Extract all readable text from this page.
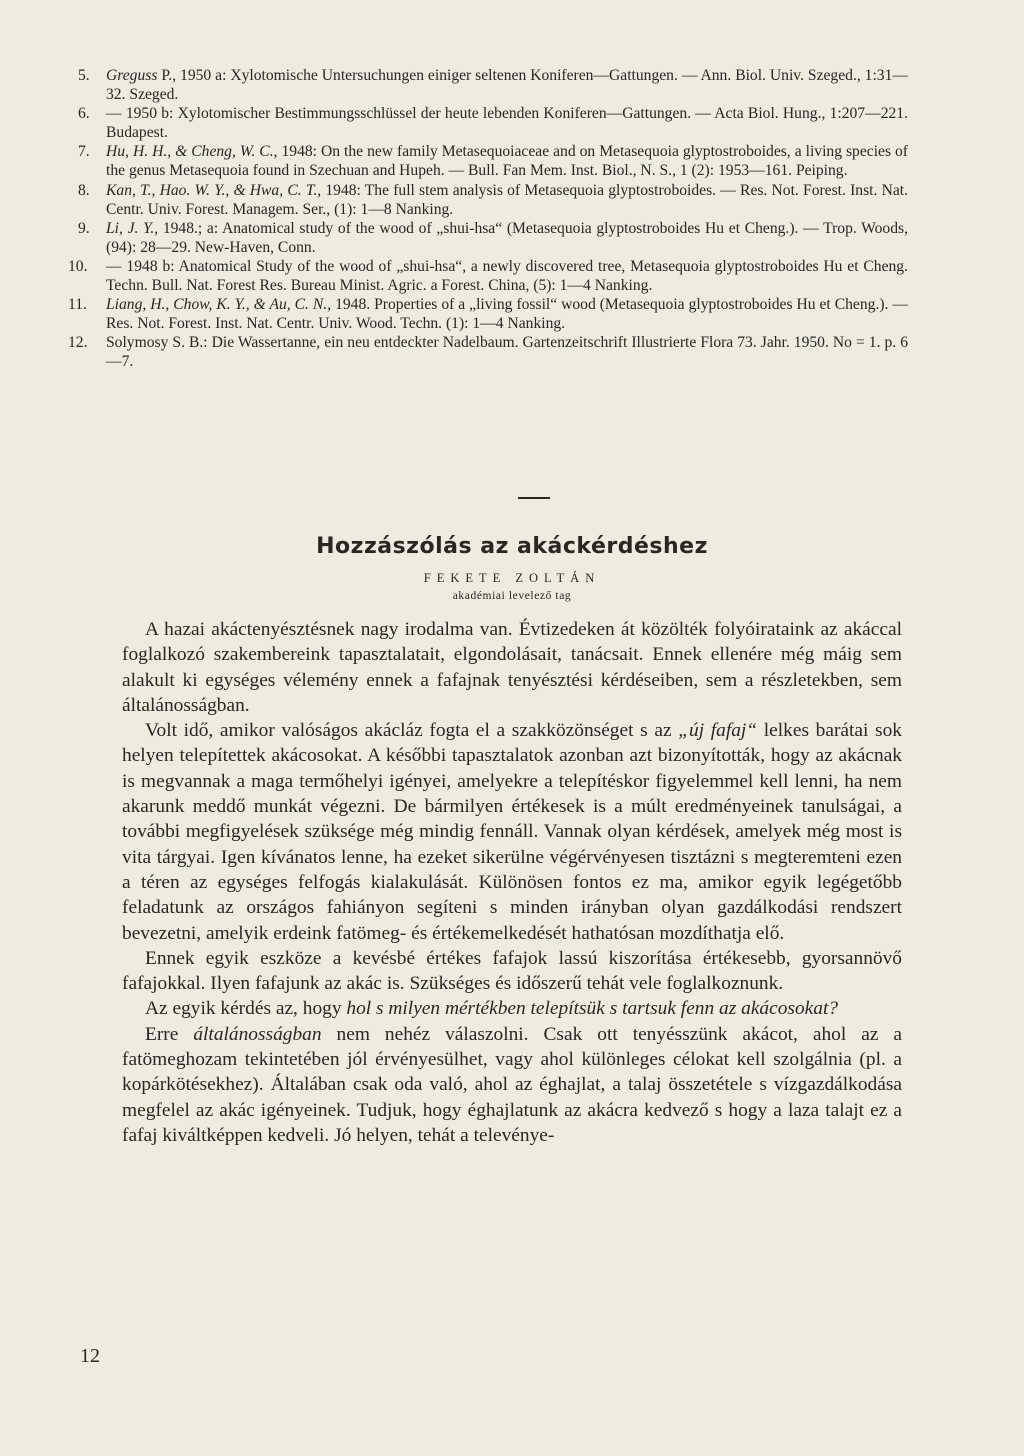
5. Greguss P., 1950 a: Xylotomische Untersuchungen einiger seltenen Koniferen—Gattungen. — Ann. Biol. Univ. Szeged., 1:31—32. Szeged.

6. — 1950 b: Xylotomischer Bestimmungsschlüssel der heute lebenden Koniferen—Gattungen. — Acta Biol. Hung., 1:207—221. Budapest.

7. Hu, H. H., & Cheng, W. C., 1948: On the new family Metasequoiaceae and on Metasequoia glyptostroboides, a living species of the genus Metasequoia found in Szechuan and Hupeh. — Bull. Fan Mem. Inst. Biol., N. S., 1 (2): 1953—161. Peiping.

8. Kan, T., Hao. W. Y., & Hwa, C. T., 1948: The full stem analysis of Metasequoia glyptostroboides. — Res. Not. Forest. Inst. Nat. Centr. Univ. Forest. Managem. Ser., (1): 1—8 Nanking.

9. Li, J. Y., 1948.; a: Anatomical study of the wood of „shui-hsa“ (Metasequoia glyptostroboides Hu et Cheng.). — Trop. Woods, (94): 28—29. New-Haven, Conn.

10. — 1948 b: Anatomical Study of the wood of „shui-hsa“, a newly discovered tree, Metasequoia glyptostroboides Hu et Cheng. Techn. Bull. Nat. Forest Res. Bureau Minist. Agric. a Forest. China, (5): 1—4 Nanking.

11. Liang, H., Chow, K. Y., & Au, C. N., 1948. Properties of a „living fossil“ wood (Metasequoia glyptostroboides Hu et Cheng.). — Res. Not. Forest. Inst. Nat. Centr. Univ. Wood. Techn. (1): 1—4 Nanking.

12. Solymosy S. B.: Die Wassertanne, ein neu entdeckter Nadelbaum. Gartenzeitschrift Illustrierte Flora 73. Jahr. 1950. No = 1. p. 6—7.

Hozzászólás az akáckérdéshez

FEKETE ZOLTÁN

akadémiai levelező tag

A hazai akáctenyésztésnek nagy irodalma van. Évtizedeken át közölték folyóirataink az akáccal foglalkozó szakembereink tapasztalatait, elgondolásait, tanácsait. Ennek ellenére még máig sem alakult ki egységes vélemény ennek a fafajnak tenyésztési kérdéseiben, sem a részletekben, sem általánosságban.

Volt idő, amikor valóságos akácláz fogta el a szakközönséget s az „új fafaj“ lelkes barátai sok helyen telepítettek akácosokat. A későbbi tapasztalatok azonban azt bizonyították, hogy az akácnak is megvannak a maga termőhelyi igényei, amelyekre a telepítéskor figyelemmel kell lenni, ha nem akarunk meddő munkát végezni. De bármilyen értékesek is a múlt eredményeinek tanulságai, a további megfigyelések szüksége még mindig fennáll. Vannak olyan kérdések, amelyek még most is vita tárgyai. Igen kívánatos lenne, ha ezeket sikerülne végérvényesen tisztázni s megteremteni ezen a téren az egységes felfogás kialakulását. Különösen fontos ez ma, amikor egyik legégetőbb feladatunk az országos fahiányon segíteni s minden irányban olyan gazdálkodási rendszert bevezetni, amelyik erdeink fatömeg- és értékemelkedését hathatósan mozdíthatja elő.

Ennek egyik eszköze a kevésbé értékes fafajok lassú kiszorítása értékesebb, gyorsannövő fafajokkal. Ilyen fafajunk az akác is. Szükséges és időszerű tehát vele foglalkoznunk.

Az egyik kérdés az, hogy hol s milyen mértékben telepítsük s tartsuk fenn az akácosokat?

Erre általánosságban nem nehéz válaszolni. Csak ott tenyésszünk akácot, ahol az a fatömeghozam tekintetében jól érvényesülhet, vagy ahol különleges célokat kell szolgálnia (pl. a kopárkötésekhez). Általában csak oda való, ahol az éghajlat, a talaj összetétele s vízgazdálkodása megfelel az akác igényeinek. Tudjuk, hogy éghajlatunk az akácra kedvező s hogy a laza talajt ez a fafaj kiváltképpen kedveli. Jó helyen, tehát a televénye-

12
